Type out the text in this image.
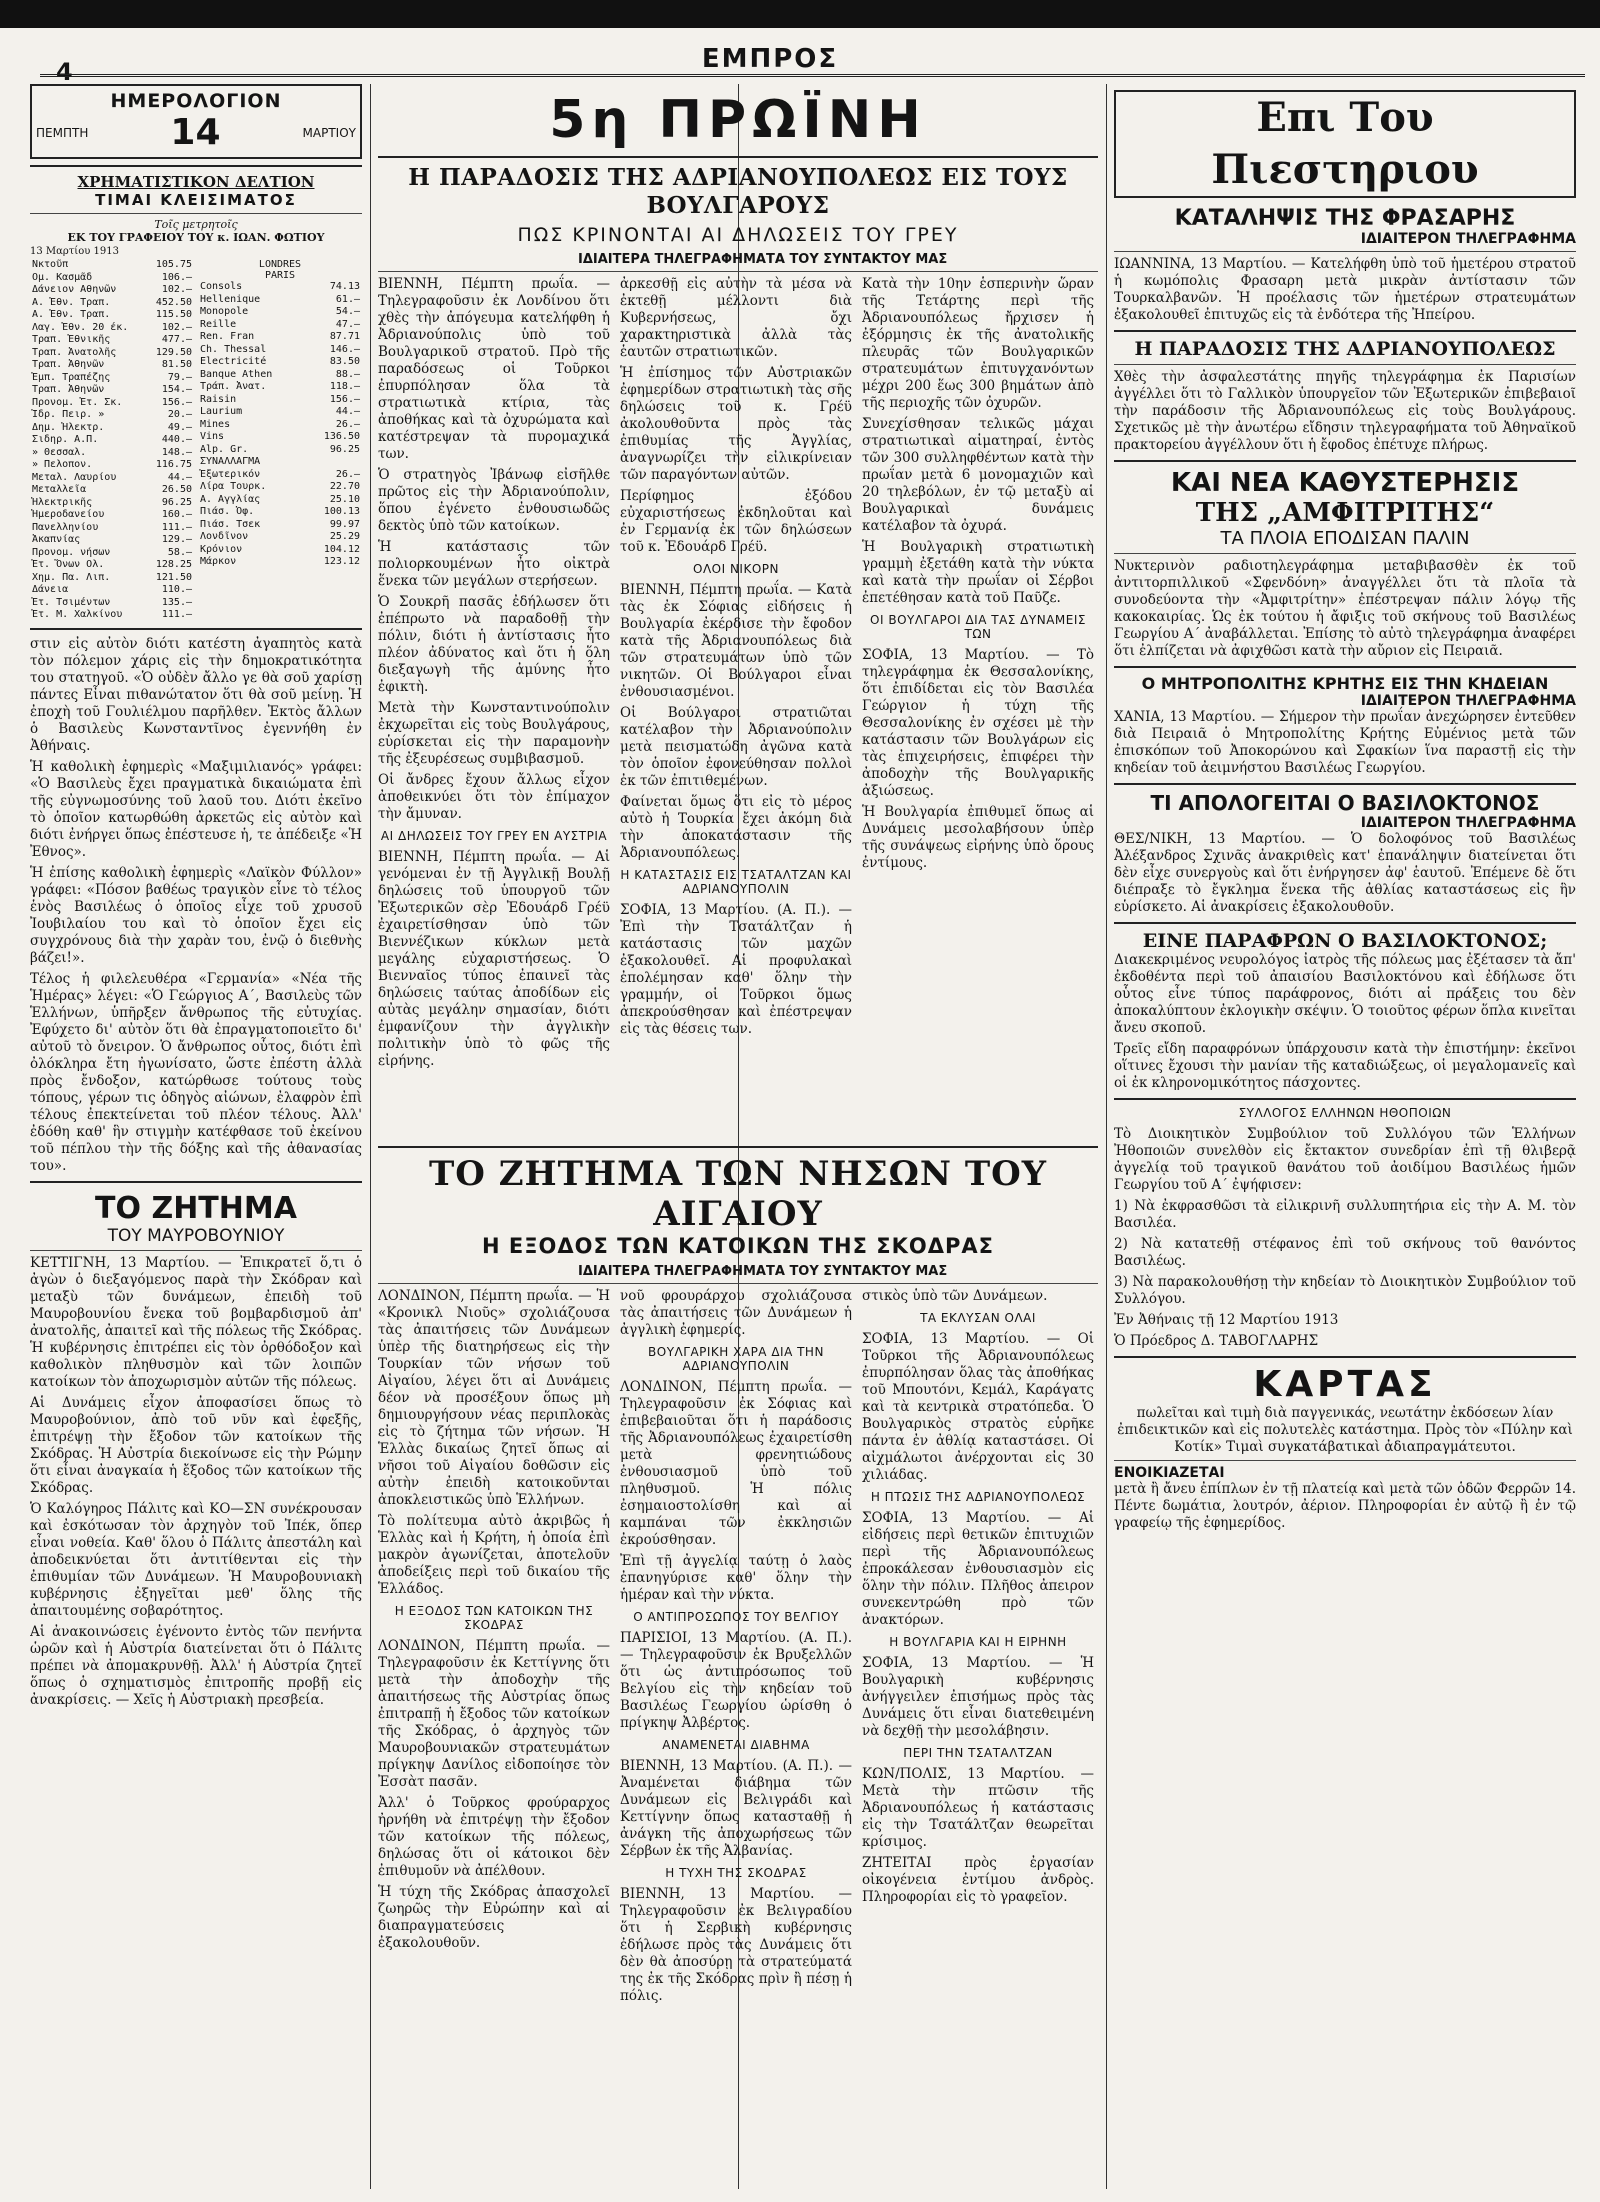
4	ΕΜΠΡΟΣ
ΗΜΕΡΟΛΟΓΙΟΝ
ΠΕΜΠΤΗ 14	ΜΑΡΤΙΟΥ
ΧΡΗΜΑΤΙΣΤΙΚΟΝ ΔΕΛΤΙΟΝ
ΤΙΜΑΙ ΚΛΕΙΣΙΜΑΤΟΣ
Τοῖς μετρητοῖς
ΕΚ ΤΟΥ ΓΡΑΦΕΙΟΥ ΤΟΥ κ. ΙΩΑΝ. ΦΩΤΙΟΥ
13 Μαρτίου 1913
Νκτοῦπ	105.75
Ομ. Κασμᾶδ	106.—
Δάνειον Αθηνῶν	102.—
Α. Ἐθν. Τραπ.	452.50
Α. Ἐθν. Τραπ.	115.50
Λαγ. Ἐθν. 20 έκ.	102.—
Τραπ. Ἐθνικῆς	477.—
Τραπ. Ἀνατολῆς	129.50
Τραπ. Ἀθηνῶν	81.50
Ἐμπ. Τραπέζης	79.—
Τραπ. Ἀθηνῶν	154.—
Προνομ. Ἐτ. Σκ.	156.—
Ἰδρ. Πειρ. »	20.—
Δημ. Ἠλεκτρ.	49.—
Σιδηρ. Α.Π.	440.—
» Θεσσαλ.	148.—
» Πελοπον.	116.75
Μεταλ. Λαυρίου	44.—
Μεταλλεῖα	26.50
Ἠλεκτρικῆς	96.25
Ἠμεροδανείου	160.—
Πανελληνίου	111.—
Ἀκαπνίας	129.—
Προνομ. νήσων	58.—
Ἐτ. Ὄνων Ολ.	128.25
Χημ. Πα. Λιπ.	121.50
Δάνεια	110.—
Ἐτ. Τσιμέντων	135.—
Ἐτ. Μ. Χαλκίνου	111.—
LONDRES
PARIS
Consols	74.13
Hellenique	61.—
Monopole	54.—
Reille	47.—

Ren. Fran	87.71
Ch. Thessal	146.—
Electricité	83.50
Banque Athen	88.—
Τράπ. Ἀνατ.	118.—
Raisin	156.—
Laurium	44.—
Mines	26.—
Vins	136.50
Alp. Gr.	96.25
ΣΥΝΑΛΛΑΓΜΑ	
Ἐξωτερικόν	26.—
Λίρα Τουρκ.	22.70
Α. Αγγλίας	25.10
Πιάσ. Ὀφ.	100.13
Πιάσ. Τσεκ	99.97
Λονδῖνον	25.29
Κρόνιον	104.12
Μάρκον	123.12

στιν εἰς αὐτὸν διότι κατέστη ἀγαπητὸς κατὰ τὸν πόλεμον χάρις εἰς τὴν δημοκρατικότητα του στατηγοῦ. «Ὁ οὐδὲν ἄλλο γε θὰ σοῦ χαρίσῃ πάντες Εἶναι πιθανώτατον ὅτι θὰ σοῦ μείνῃ. Ἡ ἐποχὴ τοῦ Γουλιέλμου παρῆλθεν. Ἐκτὸς ἄλλων ὁ Βασιλεὺς Κωνσταντῖνος ἐγεννήθη ἐν Ἀθήναις.

Ἡ καθολικὴ ἐφημερὶς «Μαξιμιλιανός» γράφει: «Ὁ Βασιλεὺς ἔχει πραγματικὰ δικαιώματα ἐπὶ τῆς εὐγνωμοσύνης τοῦ λαοῦ του. Διότι ἐκεῖνο τὸ ὁποῖον κατωρθώθη ἀρκετῶς εἰς αὐτὸν καὶ διότι ἐνήργει ὅπως ἐπέστευσε ἡ, τε ἀπέδειξε «Ἡ Ἐθνος».

Ἡ ἐπίσης καθολικὴ ἐφημερὶς «Λαϊκὸν Φύλλον» γράφει: «Πόσον βαθέως τραγικὸν εἶνε τὸ τέλος ἑνὸς Βασιλέως ὁ ὁποῖος εἶχε τοῦ χρυσοῦ Ἰουβιλαίου του καὶ τὸ ὁποῖον ἔχει εἰς συγχρόνους διὰ τὴν χαρὰν του, ἐνῷ ὁ διεθνὴς βάζει!».

Τέλος ἡ φιλελευθέρα «Γερμανία» «Νέα τῆς Ἡμέρας» λέγει: «Ὁ Γεώργιος Α΄, Βασιλεὺς τῶν Ἑλλήνων, ὑπῆρξεν ἄνθρωπος τῆς εὐτυχίας. Ἐφύχετο δι' αὐτὸν ὅτι θὰ ἐπραγματοποιεῖτο δι' αὐτοῦ τὸ ὄνειρον. Ὁ ἄνθρωπος οὗτος, διότι ἐπὶ ὀλόκληρα ἔτη ἠγωνίσατο, ὥστε ἐπέστη ἀλλὰ πρὸς ἔνδοξον, κατώρθωσε τούτους τοὺς τόπους, γέρων τις ὁδηγὸς αἰώνων, ἐλαφρὸν ἐπὶ τέλους ἐπεκτείνεται τοῦ πλέον τέλους. Ἀλλ' ἐδόθη καθ' ἣν στιγμὴν κατέφθασε τοῦ ἐκείνου τοῦ πέπλου τὴν τῆς δόξης καὶ τῆς ἀθανασίας του».

ΤΟ ΖΗΤΗΜΑ
ΤΟΥ ΜΑΥΡΟΒΟΥΝΙΟΥ

ΚΕΤΤΙΓΝΗ, 13 Μαρτίου. — Ἐπικρατεῖ ὅ,τι ὁ ἀγὼν ὁ διεξαγόμενος παρὰ τὴν Σκόδραν καὶ μεταξὺ τῶν δυνάμεων, ἐπειδὴ τοῦ Μαυροβουνίου ἔνεκα τοῦ βομβαρδισμοῦ ἀπ' ἀνατολῆς, ἀπαιτεῖ καὶ τῆς πόλεως τῆς Σκόδρας. Ἡ κυβέρνησις ἐπιτρέπει εἰς τὸν ὀρθόδοξον καὶ καθολικὸν πληθυσμὸν καὶ τῶν λοιπῶν κατοίκων τὸν ἀποχωρισμὸν αὐτῶν τῆς πόλεως.

Αἱ Δυνάμεις εἶχον ἀποφασίσει ὅπως τὸ Μαυροβούνιον, ἀπὸ τοῦ νῦν καὶ ἐφεξῆς, ἐπιτρέψῃ τὴν ἔξοδον τῶν κατοίκων τῆς Σκόδρας. Ἡ Αὐστρία διεκοίνωσε εἰς τὴν Ρώμην ὅτι εἶναι ἀναγκαία ἡ ἔξοδος τῶν κατοίκων τῆς Σκόδρας.

Ὁ Καλόγηρος Πάλιτς καὶ ΚΟ—ΣΝ συνέκρουσαν καὶ ἐσκότωσαν τὸν ἀρχηγὸν τοῦ Ἰπέκ, ὅπερ εἶναι νοθεία. Καθ' ὅλου ὁ Πάλιτς ἀπεστάλη καὶ ἀποδεικνύεται ὅτι ἀντιτίθενται εἰς τὴν ἐπιθυμίαν τῶν Δυνάμεων. Ἡ Μαυροβουνιακὴ κυβέρνησις ἐξηγεῖται μεθ' ὅλης τῆς ἀπαιτουμένης σοβαρότητος.

Αἱ ἀνακοινώσεις ἐγένοντο ἐντὸς τῶν πενήντα ὡρῶν καὶ ἡ Αὐστρία διατείνεται ὅτι ὁ Πάλιτς πρέπει νὰ ἀπομακρυνθῇ. Ἀλλ' ἡ Αὐστρία ζητεῖ ὅπως ὁ σχηματισμὸς ἐπιτροπῆς προβῇ εἰς ἀνακρίσεις. — Χεῖς ἡ Αὐστριακὴ πρεσβεία.

5η ΠΡΩΪΝΗ
Η ΠΑΡΑΔΟΣΙΣ ΤΗΣ ΑΔΡΙΑΝΟΥΠΟΛΕΩΣ ΕΙΣ ΤΟΥΣ ΒΟΥΛΓΑΡΟΥΣ
ΠΩΣ ΚΡΙΝΟΝΤΑΙ ΑΙ ΔΗΛΩΣΕΙΣ ΤΟΥ ΓΡΕΥ
ΙΔΙΑΙΤΕΡΑ ΤΗΛΕΓΡΑΦΗΜΑΤΑ ΤΟΥ ΣΥΝΤΑΚΤΟΥ ΜΑΣ

ΒΙΕΝΝΗ, Πέμπτη πρωΐα. — Τηλεγραφοῦσιν ἐκ Λονδίνου ὅτι χθὲς τὴν ἀπόγευμα κατελήφθη ἡ Ἀδριανούπολις ὑπὸ τοῦ Βουλγαρικοῦ στρατοῦ. Πρὸ τῆς παραδόσεως οἱ Τοῦρκοι ἐπυρπόλησαν ὅλα τὰ στρατιωτικὰ κτίρια, τὰς ἀποθήκας καὶ τὰ ὀχυρώματα καὶ κατέστρεψαν τὰ πυρομαχικά των.

Ὁ στρατηγὸς Ἰβάνωφ εἰσῆλθε πρῶτος εἰς τὴν Ἀδριανούπολιν, ὅπου ἐγένετο ἐνθουσιωδῶς δεκτὸς ὑπὸ τῶν κατοίκων.

Ἡ κατάστασις τῶν πολιορκουμένων ἦτο οἰκτρὰ ἕνεκα τῶν μεγάλων στερήσεων.

Ὁ Σουκρῆ πασᾶς ἐδήλωσεν ὅτι ἐπέπρωτο νὰ παραδοθῇ τὴν πόλιν, διότι ἡ ἀντίστασις ἦτο πλέον ἀδύνατος καὶ ὅτι ἡ ὅλη διεξαγωγὴ τῆς ἀμύνης ἦτο ἐφικτὴ.

Μετὰ τὴν Κωνσταντινούπολιν ἐκχωρεῖται εἰς τοὺς Βουλγάρους, εὑρίσκεται εἰς τὴν παραμονὴν τῆς ἐξευρέσεως συμβιβασμοῦ.

Οἱ ἄνδρες ἔχουν ἄλλως εἶχον ἀποθεικνύει ὅτι τὸν ἐπίμαχον τὴν ἄμυναν.

ΑΙ ΔΗΛΩΣΕΙΣ ΤΟΥ ΓΡΕΥ ΕΝ ΑΥΣΤΡΙΑ

ΒΙΕΝΝΗ, Πέμπτη πρωΐα. — Αἱ γενόμεναι ἐν τῇ Ἀγγλικῇ Βουλῇ δηλώσεις τοῦ ὑπουργοῦ τῶν Ἐξωτερικῶν σὲρ Ἐδουάρδ Γρέϋ ἐχαιρετίσθησαν ὑπὸ τῶν Βιεννέζικων κύκλων μετὰ μεγάλης εὐχαριστήσεως. Ὁ Βιενναῖος τύπος ἐπαινεῖ τὰς δηλώσεις ταύτας ἀποδίδων εἰς αὐτὰς μεγάλην σημασίαν, διότι ἐμφανίζουν τὴν ἀγγλικὴν πολιτικὴν ὑπὸ τὸ φῶς τῆς εἰρήνης.

ἀρκεσθῇ εἰς αὐτὴν τὰ μέσα νὰ ἐκτεθῇ μέλλοντι διὰ Κυβερνήσεως, ὄχι χαρακτηριστικὰ ἀλλὰ τὰς ἑαυτῶν στρατιωτικῶν.

Ἡ ἐπίσημος τῶν Αὐστριακῶν ἐφημερίδων στρατιωτικὴ τὰς σῆς δηλώσεις τοῦ κ. Γρέϋ ἀκολουθοῦντα πρὸς τὰς ἐπιθυμίας τῆς Ἀγγλίας, ἀναγνωρίζει τὴν εἰλικρίνειαν τῶν παραγόντων αὐτῶν.

Περίφημος ἐξόδου εὐχαριστήσεως ἐκδηλοῦται καὶ ἐν Γερμανίᾳ ἐκ τῶν δηλώσεων τοῦ κ. Ἐδουάρδ Γρέϋ.

ΟΛΟΙ ΝΙΚΟΡΝ

ΒΙΕΝΝΗ, Πέμπτη πρωΐα. — Κατὰ τὰς ἐκ Σόφιας εἰδήσεις ἡ Βουλγαρία ἐκέρδισε τὴν ἔφοδον κατὰ τῆς Ἀδριανουπόλεως διὰ τῶν στρατευμάτων ὑπὸ τῶν νικητῶν. Οἱ Βούλγαροι εἶναι ἐνθουσιασμένοι.

Οἱ Βούλγαροι στρατιῶται κατέλαβον τὴν Ἀδριανούπολιν μετὰ πεισματώδη ἀγῶνα κατὰ τὸν ὁποῖον ἐφονεύθησαν πολλοὶ ἐκ τῶν ἐπιτιθεμένων.

Φαίνεται ὅμως ὅτι εἰς τὸ μέρος αὐτὸ ἡ Τουρκία ἔχει ἀκόμη διὰ τὴν ἀποκατάστασιν τῆς Ἀδριανουπόλεως.

Η ΚΑΤΑΣΤΑΣΙΣ ΕΙΣ ΤΣΑΤΑΛΤΖΑΝ ΚΑΙ ΑΔΡΙΑΝΟΥΠΟΛΙΝ

ΣΟΦΙΑ, 13 Μαρτίου. (Α. Π.). — Ἐπὶ τὴν Τσατάλτζαν ἡ κατάστασις τῶν μαχῶν ἐξακολουθεῖ. Αἱ προφυλακαὶ ἐπολέμησαν καθ' ὅλην τὴν γραμμήν, οἱ Τοῦρκοι ὅμως ἀπεκρούσθησαν καὶ ἐπέστρεψαν εἰς τὰς θέσεις των.

Κατὰ τὴν 10ην ἑσπερινὴν ὥραν τῆς Τετάρτης περὶ τῆς Ἀδριανουπόλεως ἤρχισεν ἡ ἐξόρμησις ἐκ τῆς ἀνατολικῆς πλευρᾶς τῶν Βουλγαρικῶν στρατευμάτων ἐπιτυγχανόντων μέχρι 200 ἕως 300 βημάτων ἀπὸ τῆς περιοχῆς τῶν ὀχυρῶν.

Συνεχίσθησαν τελικῶς μάχαι στρατιωτικαὶ αἱματηραί, ἐντὸς τῶν 300 συλληφθέντων κατὰ τὴν πρωΐαν μετὰ 6 μονομαχιῶν καὶ 20 τηλεβόλων, ἐν τῷ μεταξὺ αἱ Βουλγαρικαὶ δυνάμεις κατέλαβον τὰ ὀχυρά.

Ἡ Βουλγαρικὴ στρατιωτικὴ γραμμὴ ἐξετάθη κατὰ τὴν νύκτα καὶ κατὰ τὴν πρωΐαν οἱ Σέρβοι ἐπετέθησαν κατὰ τοῦ Παῦζε.

ΟΙ ΒΟΥΛΓΑΡΟΙ ΔΙΑ ΤΑΣ ΔΥΝΑΜΕΙΣ ΤΩΝ

ΣΟΦΙΑ, 13 Μαρτίου. — Τὸ τηλεγράφημα ἐκ Θεσσαλονίκης, ὅτι ἐπιδίδεται εἰς τὸν Βασιλέα Γεώργιον ἡ τύχη τῆς Θεσσαλονίκης ἐν σχέσει μὲ τὴν κατάστασιν τῶν Βουλγάρων εἰς τὰς ἐπιχειρήσεις, ἐπιφέρει τὴν ἀποδοχὴν τῆς Βουλγαρικῆς ἀξιώσεως.

Ἡ Βουλγαρία ἐπιθυμεῖ ὅπως αἱ Δυνάμεις μεσολαβήσουν ὑπὲρ τῆς συνάψεως εἰρήνης ὑπὸ ὅρους ἐντίμους.

ΤΟ ΖΗΤΗΜΑ ΤΩΝ ΝΗΣΩΝ ΤΟΥ ΑΙΓΑΙΟΥ
Η ΕΞΟΔΟΣ ΤΩΝ ΚΑΤΟΙΚΩΝ ΤΗΣ ΣΚΟΔΡΑΣ
ΙΔΙΑΙΤΕΡΑ ΤΗΛΕΓΡΑΦΗΜΑΤΑ ΤΟΥ ΣΥΝΤΑΚΤΟΥ ΜΑΣ

ΛΟΝΔΙΝΟΝ, Πέμπτη πρωΐα. — Ἡ «Κρονικλ Νιοῦς» σχολιάζουσα τὰς ἀπαιτήσεις τῶν Δυνάμεων ὑπὲρ τῆς διατηρήσεως εἰς τὴν Τουρκίαν τῶν νήσων τοῦ Αἰγαίου, λέγει ὅτι αἱ Δυνάμεις δέον νὰ προσέξουν ὅπως μὴ δημιουργήσουν νέας περιπλοκὰς εἰς τὸ ζήτημα τῶν νήσων. Ἡ Ἑλλὰς δικαίως ζητεῖ ὅπως αἱ νῆσοι τοῦ Αἰγαίου δοθῶσιν εἰς αὐτὴν ἐπειδὴ κατοικοῦνται ἀποκλειστικῶς ὑπὸ Ἑλλήνων.

Τὸ πολίτευμα αὐτὸ ἀκριβῶς ἡ Ἑλλὰς καὶ ἡ Κρήτη, ἡ ὁποία ἐπὶ μακρὸν ἀγωνίζεται, ἀποτελοῦν ἀποδείξεις περὶ τοῦ δικαίου τῆς Ἑλλάδος.

Η ΕΞΟΔΟΣ ΤΩΝ ΚΑΤΟΙΚΩΝ ΤΗΣ ΣΚΟΔΡΑΣ

ΛΟΝΔΙΝΟΝ, Πέμπτη πρωΐα. — Τηλεγραφοῦσιν ἐκ Κεττίγνης ὅτι μετὰ τὴν ἀποδοχὴν τῆς ἀπαιτήσεως τῆς Αὐστρίας ὅπως ἐπιτραπῇ ἡ ἔξοδος τῶν κατοίκων τῆς Σκόδρας, ὁ ἀρχηγὸς τῶν Μαυροβουνιακῶν στρατευμάτων πρίγκηψ Δανίλος εἰδοποίησε τὸν Ἐσσὰτ πασᾶν.

Ἀλλ' ὁ Τοῦρκος φρούραρχος ἠρνήθη νὰ ἐπιτρέψῃ τὴν ἔξοδον τῶν κατοίκων τῆς πόλεως, δηλώσας ὅτι οἱ κάτοικοι δὲν ἐπιθυμοῦν νὰ ἀπέλθουν.

Ἡ τύχη τῆς Σκόδρας ἀπασχολεῖ ζωηρῶς τὴν Εὐρώπην καὶ αἱ διαπραγματεύσεις ἐξακολουθοῦν.

νοῦ φρουράρχου σχολιάζουσα τὰς ἀπαιτήσεις τῶν Δυνάμεων ἡ ἀγγλικὴ ἐφημερίς.

ΒΟΥΛΓΑΡΙΚΗ ΧΑΡΑ ΔΙΑ ΤΗΝ ΑΔΡΙΑΝΟΥΠΟΛΙΝ

ΛΟΝΔΙΝΟΝ, Πέμπτη πρωΐα. — Τηλεγραφοῦσιν ἐκ Σόφιας καὶ ἐπιβεβαιοῦται ὅτι ἡ παράδοσις τῆς Ἀδριανουπόλεως ἐχαιρετίσθη μετὰ φρενητιώδους ἐνθουσιασμοῦ ὑπὸ τοῦ πληθυσμοῦ. Ἡ πόλις ἐσημαιοστολίσθη καὶ αἱ καμπάναι τῶν ἐκκλησιῶν ἐκρούσθησαν.

Ἐπὶ τῇ ἀγγελίᾳ ταύτῃ ὁ λαὸς ἐπανηγύρισε καθ' ὅλην τὴν ἡμέραν καὶ τὴν νύκτα.

Ο ΑΝΤΙΠΡΟΣΩΠΟΣ ΤΟΥ ΒΕΛΓΙΟΥ

ΠΑΡΙΣΙΟΙ, 13 Μαρτίου. (Α. Π.). — Τηλεγραφοῦσιν ἐκ Βρυξελλῶν ὅτι ὡς ἀντιπρόσωπος τοῦ Βελγίου εἰς τὴν κηδείαν τοῦ Βασιλέως Γεωργίου ὡρίσθη ὁ πρίγκηψ Ἀλβέρτος.

ΑΝΑΜΕΝΕΤΑΙ ΔΙΑΒΗΜΑ

ΒΙΕΝΝΗ, 13 Μαρτίου. (Α. Π.). — Ἀναμένεται διάβημα τῶν Δυνάμεων εἰς Βελιγράδι καὶ Κεττίγνην ὅπως κατασταθῇ ἡ ἀνάγκη τῆς ἀποχωρήσεως τῶν Σέρβων ἐκ τῆς Ἀλβανίας.

Η ΤΥΧΗ ΤΗΣ ΣΚΟΔΡΑΣ

ΒΙΕΝΝΗ, 13 Μαρτίου. — Τηλεγραφοῦσιν ἐκ Βελιγραδίου ὅτι ἡ Σερβικὴ κυβέρνησις ἐδήλωσε πρὸς τὰς Δυνάμεις ὅτι δὲν θὰ ἀποσύρῃ τὰ στρατεύματά της ἐκ τῆς Σκόδρας πρὶν ἢ πέσῃ ἡ πόλις.

στικὸς ὑπὸ τῶν Δυνάμεων.

ΤΑ ΕΚΛΥΣΑΝ ΟΛΑΙ

ΣΟΦΙΑ, 13 Μαρτίου. — Οἱ Τοῦρκοι τῆς Ἀδριανουπόλεως ἐπυρπόλησαν ὅλας τὰς ἀποθήκας τοῦ Μπουτόνι, Κεμάλ, Καράγατς καὶ τὰ κεντρικὰ στρατόπεδα. Ὁ Βουλγαρικὸς στρατὸς εὑρῆκε πάντα ἐν ἀθλίᾳ καταστάσει. Οἱ αἰχμάλωτοι ἀνέρχονται εἰς 30 χιλιάδας.

Η ΠΤΩΣΙΣ ΤΗΣ ΑΔΡΙΑΝΟΥΠΟΛΕΩΣ

ΣΟΦΙΑ, 13 Μαρτίου. — Αἱ εἰδήσεις περὶ θετικῶν ἐπιτυχιῶν περὶ τῆς Ἀδριανουπόλεως ἐπροκάλεσαν ἐνθουσιασμὸν εἰς ὅλην τὴν πόλιν. Πλῆθος ἀπειρον συνεκεντρώθη πρὸ τῶν ἀνακτόρων.

Η ΒΟΥΛΓΑΡΙΑ ΚΑΙ Η ΕΙΡΗΝΗ

ΣΟΦΙΑ, 13 Μαρτίου. — Ἡ Βουλγαρικὴ κυβέρνησις ἀνήγγειλεν ἐπισήμως πρὸς τὰς Δυνάμεις ὅτι εἶναι διατεθειμένη νὰ δεχθῇ τὴν μεσολάβησιν.

ΠΕΡΙ ΤΗΝ ΤΣΑΤΑΛΤΖΑΝ

ΚΩΝ/ΠΟΛΙΣ, 13 Μαρτίου. — Μετὰ τὴν πτῶσιν τῆς Ἀδριανουπόλεως ἡ κατάστασις εἰς τὴν Τσατάλτζαν θεωρεῖται κρίσιμος.

ΖΗΤΕΙΤΑΙ πρὸς ἐργασίαν οἰκογένεια ἐντίμου ἀνδρὸς. Πληροφορίαι εἰς τὸ γραφεῖον.

Επι Του Πιεστηριου
ΚΑΤΑΛΗΨΙΣ ΤΗΣ ΦΡΑΣΑΡΗΣ
ΙΔΙΑΙΤΕΡΟΝ ΤΗΛΕΓΡΑΦΗΜΑ

ΙΩΑΝΝΙΝΑ, 13 Μαρτίου. — Κατελήφθη ὑπὸ τοῦ ἡμετέρου στρατοῦ ἡ κωμόπολις Φρασαρη μετὰ μικρὰν ἀντίστασιν τῶν Τουρκαλβανῶν. Ἡ προέλασις τῶν ἡμετέρων στρατευμάτων ἐξακολουθεῖ ἐπιτυχῶς εἰς τὰ ἐνδότερα τῆς Ἠπείρου.

Η ΠΑΡΑΔΟΣΙΣ ΤΗΣ ΑΔΡΙΑΝΟΥΠΟΛΕΩΣ

Χθὲς τὴν ἀσφαλεστάτης πηγῆς τηλεγράφημα ἐκ Παρισίων ἀγγέλλει ὅτι τὸ Γαλλικὸν ὑπουργεῖον τῶν Ἐξωτερικῶν ἐπιβεβαιοῖ τὴν παράδοσιν τῆς Ἀδριανουπόλεως εἰς τοὺς Βουλγάρους. Σχετικῶς μὲ τὴν ἀνωτέρω εἴδησιν τηλεγραφήματα τοῦ Ἀθηναϊκοῦ πρακτορείου ἀγγέλλουν ὅτι ἡ ἔφοδος ἐπέτυχε πλήρως.

ΚΑΙ ΝΕΑ ΚΑΘΥΣΤΕΡΗΣΙΣ
ΤΗΣ „ΑΜΦΙΤΡΙΤΗΣ“
ΤΑ ΠΛΟΙΑ ΕΠΟΔΙΣΑΝ ΠΑΛΙΝ

Νυκτερινὸν ραδιοτηλεγράφημα μεταβιβασθὲν ἐκ τοῦ ἀντιτορπιλλικοῦ «Σφενδόνη» ἀναγγέλλει ὅτι τὰ πλοῖα τὰ συνοδεύοντα τὴν «Ἀμφιτρίτην» ἐπέστρεψαν πάλιν λόγῳ τῆς κακοκαιρίας. Ὡς ἐκ τούτου ἡ ἄφιξις τοῦ σκήνους τοῦ Βασιλέως Γεωργίου Α΄ ἀναβάλλεται. Ἐπίσης τὸ αὐτὸ τηλεγράφημα ἀναφέρει ὅτι ἐλπίζεται νὰ ἀφιχθῶσι κατὰ τὴν αὔριον εἰς Πειραιᾶ.

Ο ΜΗΤΡΟΠΟΛΙΤΗΣ ΚΡΗΤΗΣ ΕΙΣ ΤΗΝ ΚΗΔΕΙΑΝ
ΙΔΙΑΙΤΕΡΟΝ ΤΗΛΕΓΡΑΦΗΜΑ

ΧΑΝΙΑ, 13 Μαρτίου. — Σήμερον τὴν πρωΐαν ἀνεχώρησεν ἐντεῦθεν διὰ Πειραιᾶ ὁ Μητροπολίτης Κρήτης Εὐμένιος μετὰ τῶν ἐπισκόπων τοῦ Ἀποκορώνου καὶ Σφακίων ἵνα παραστῇ εἰς τὴν κηδείαν τοῦ ἀειμνήστου Βασιλέως Γεωργίου.

ΤΙ ΑΠΟΛΟΓΕΙΤΑΙ Ο ΒΑΣΙΛΟΚΤΟΝΟΣ
ΙΔΙΑΙΤΕΡΟΝ ΤΗΛΕΓΡΑΦΗΜΑ

ΘΕΣ/ΝΙΚΗ, 13 Μαρτίου. — Ὁ δολοφόνος τοῦ Βασιλέως Ἀλέξανδρος Σχινᾶς ἀνακριθεὶς κατ' ἐπανάληψιν διατείνεται ὅτι δὲν εἶχε συνεργοὺς καὶ ὅτι ἐνήργησεν ἀφ' ἑαυτοῦ. Ἐπέμενε δὲ ὅτι διέπραξε τὸ ἔγκλημα ἕνεκα τῆς ἀθλίας καταστάσεως εἰς ἣν εὑρίσκετο. Αἱ ἀνακρίσεις ἐξακολουθοῦν.

ΕΙΝΕ ΠΑΡΑΦΡΩΝ Ο ΒΑΣΙΛΟΚΤΟΝΟΣ;

Διακεκριμένος νευρολόγος ἰατρὸς τῆς πόλεως μας ἐξέτασεν τὰ ἄπ' ἐκδοθέντα περὶ τοῦ ἀπαισίου Βασιλοκτόνου καὶ ἐδήλωσε ὅτι οὗτος εἶνε τύπος παράφρονος, διότι αἱ πράξεις του δὲν ἀποκαλύπτουν ἐκλογικὴν σκέψιν. Ὁ τοιοῦτος φέρων ὅπλα κινεῖται ἄνευ σκοποῦ.

Τρεῖς εἴδη παραφρόνων ὑπάρχουσιν κατὰ τὴν ἐπιστήμην: ἐκεῖνοι οἵτινες ἔχουσι τὴν μανίαν τῆς καταδιώξεως, οἱ μεγαλομανεῖς καὶ οἱ ἐκ κληρονομικότητος πάσχοντες.

ΣΥΛΛΟΓΟΣ ΕΛΛΗΝΩΝ ΗΘΟΠΟΙΩΝ

Τὸ Διοικητικὸν Συμβούλιον τοῦ Συλλόγου τῶν Ἑλλήνων Ἠθοποιῶν συνελθὸν εἰς ἔκτακτον συνεδρίαν ἐπὶ τῇ θλιβερᾷ ἀγγελίᾳ τοῦ τραγικοῦ θανάτου τοῦ ἀοιδίμου Βασιλέως ἡμῶν Γεωργίου τοῦ Α΄ ἐψήφισεν:

1) Νὰ ἐκφρασθῶσι τὰ εἰλικρινῆ συλλυπητήρια εἰς τὴν Α. Μ. τὸν Βασιλέα.

2) Νὰ κατατεθῇ στέφανος ἐπὶ τοῦ σκήνους τοῦ θανόντος Βασιλέως.

3) Νὰ παρακολουθήσῃ τὴν κηδείαν τὸ Διοικητικὸν Συμβούλιον τοῦ Συλλόγου.

Ἐν Ἀθήναις τῇ 12 Μαρτίου 1913

Ὁ Πρόεδρος Δ. ΤΑΒΟΓΛΑΡΗΣ

ΚΑΡΤΑΣ

πωλεῖται καὶ τιμὴ διὰ παγγενικάς, νεωτάτην ἐκδόσεων λίαν ἐπιδεικτικῶν καὶ εἰς πολυτελὲς κατάστημα. Πρὸς τὸν «Πύλην καὶ Κοτίκ» Τιμαὶ συγκατάβατικαὶ ἀδιαπραγμάτευτοι.

ΕΝΟΙΚΙΑΖΕΤΑΙ

μετὰ ἢ ἄνευ ἐπίπλων ἐν τῇ πλατείᾳ καὶ μετὰ τῶν ὁδῶν Φερρῶν 14. Πέντε δωμάτια, λουτρόν, ἀέριον. Πληροφορίαι ἐν αὐτῷ ἢ ἐν τῷ γραφείῳ τῆς ἐφημερίδος.
